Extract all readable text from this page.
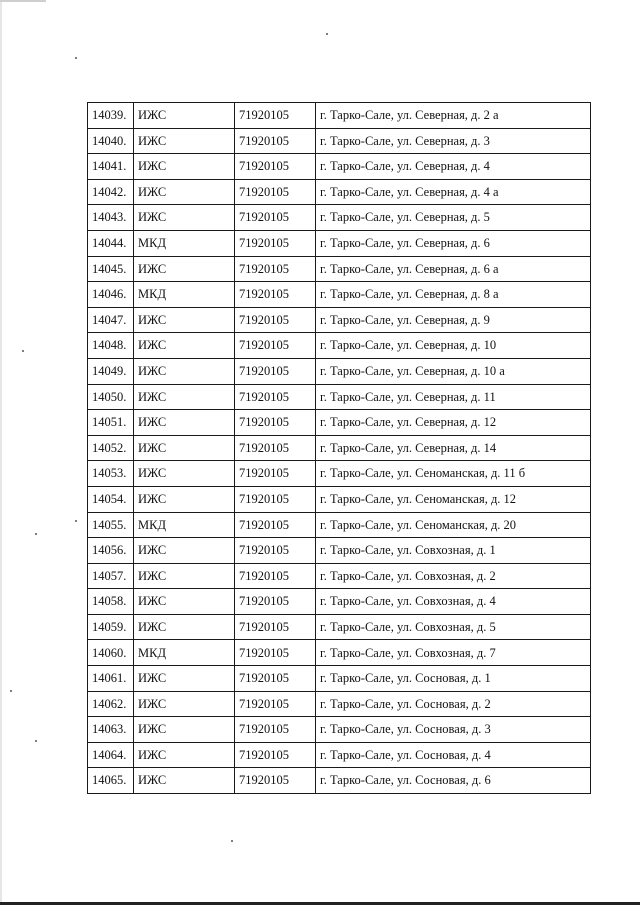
14039.	ИЖС	71920105	г. Тарко-Сале, ул. Северная, д. 2 а
14040.	ИЖС	71920105	г. Тарко-Сале, ул. Северная, д. 3
14041.	ИЖС	71920105	г. Тарко-Сале, ул. Северная, д. 4
14042.	ИЖС	71920105	г. Тарко-Сале, ул. Северная, д. 4 а
14043.	ИЖС	71920105	г. Тарко-Сале, ул. Северная, д. 5
14044.	МКД	71920105	г. Тарко-Сале, ул. Северная, д. 6
14045.	ИЖС	71920105	г. Тарко-Сале, ул. Северная, д. 6 а
14046.	МКД	71920105	г. Тарко-Сале, ул. Северная, д. 8 а
14047.	ИЖС	71920105	г. Тарко-Сале, ул. Северная, д. 9
14048.	ИЖС	71920105	г. Тарко-Сале, ул. Северная, д. 10
14049.	ИЖС	71920105	г. Тарко-Сале, ул. Северная, д. 10 а
14050.	ИЖС	71920105	г. Тарко-Сале, ул. Северная, д. 11
14051.	ИЖС	71920105	г. Тарко-Сале, ул. Северная, д. 12
14052.	ИЖС	71920105	г. Тарко-Сале, ул. Северная, д. 14
14053.	ИЖС	71920105	г. Тарко-Сале, ул. Сеноманская, д. 11 б
14054.	ИЖС	71920105	г. Тарко-Сале, ул. Сеноманская, д. 12
14055.	МКД	71920105	г. Тарко-Сале, ул. Сеноманская, д. 20
14056.	ИЖС	71920105	г. Тарко-Сале, ул. Совхозная, д. 1
14057.	ИЖС	71920105	г. Тарко-Сале, ул. Совхозная, д. 2
14058.	ИЖС	71920105	г. Тарко-Сале, ул. Совхозная, д. 4
14059.	ИЖС	71920105	г. Тарко-Сале, ул. Совхозная, д. 5
14060.	МКД	71920105	г. Тарко-Сале, ул. Совхозная, д. 7
14061.	ИЖС	71920105	г. Тарко-Сале, ул. Сосновая, д. 1
14062.	ИЖС	71920105	г. Тарко-Сале, ул. Сосновая, д. 2
14063.	ИЖС	71920105	г. Тарко-Сале, ул. Сосновая, д. 3
14064.	ИЖС	71920105	г. Тарко-Сале, ул. Сосновая, д. 4
14065.	ИЖС	71920105	г. Тарко-Сале, ул. Сосновая, д. 6
